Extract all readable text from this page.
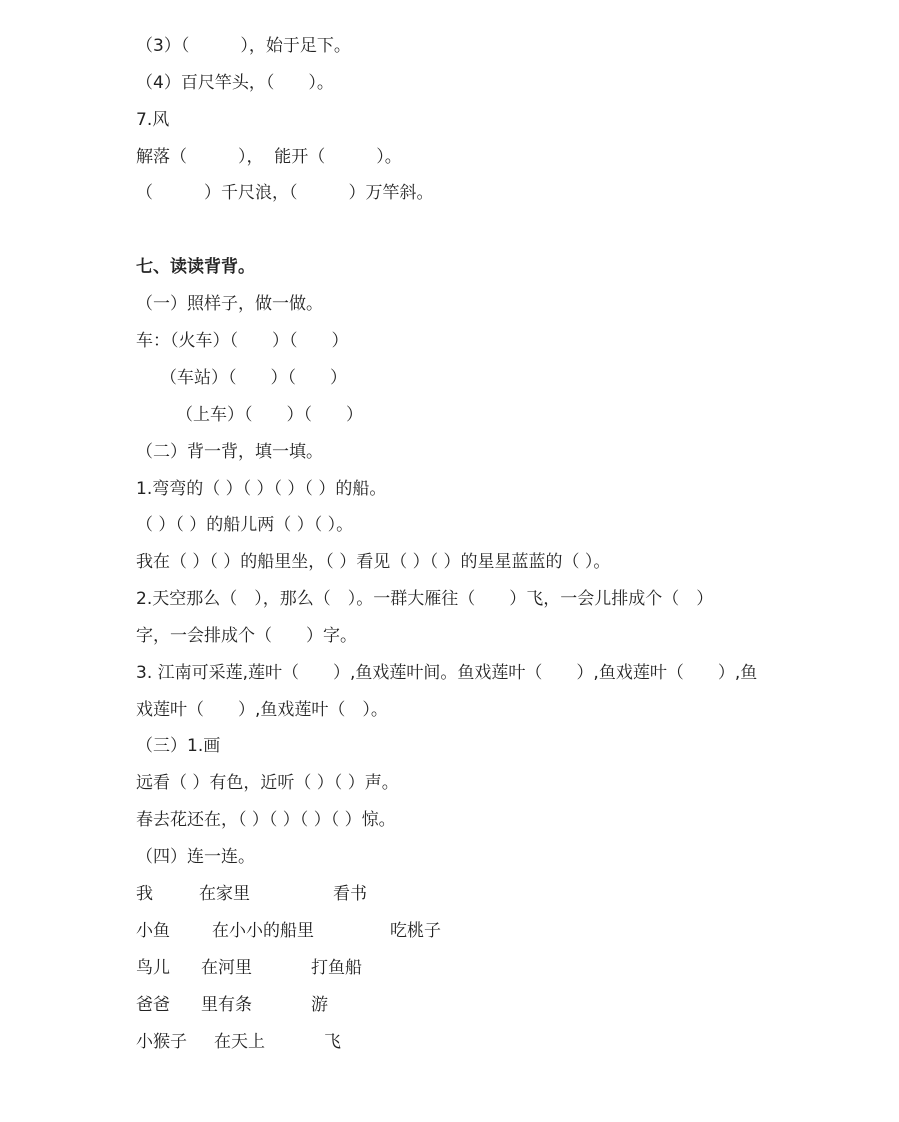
（3）（　　　），始于足下。
（4）百尺竿头，（　　）。
7.风
解落（　　　），  能开（　　　）。
（　　　）千尺浪，（　　　）万竿斜。
七、读读背背。
（一）照样子，做一做。
车：（火车）（　　）（　　）
（车站）（　　）（　　）
（上车）（　　）（　　）
（二）背一背，填一填。
1.弯弯的（ ）（ ）（ ）（ ）的船。
（ ）（ ）的船儿两（ ）（ ）。
我在（ ）（ ）的船里坐，（ ）看见（ ）（ ）的星星蓝蓝的（ ）。
2.天空那么（　），那么（　）。一群大雁往（　　）飞，一会儿排成个（　）
字，一会排成个（　　）字。
3. 江南可采莲,莲叶（　　）,鱼戏莲叶间。鱼戏莲叶（　　）,鱼戏莲叶（　　）,鱼
戏莲叶（　　）,鱼戏莲叶（　）。
（三）1.画
远看（ ）有色，近听（ ）（ ）声。
春去花还在，（ ）（ ）（ ）（ ）惊。
（四）连一连。
我	在家里	看书
小鱼 在小小的船里	吃桃子
鸟儿 在河里	打鱼船
爸爸 里有条	游
小猴子 在天上	飞
